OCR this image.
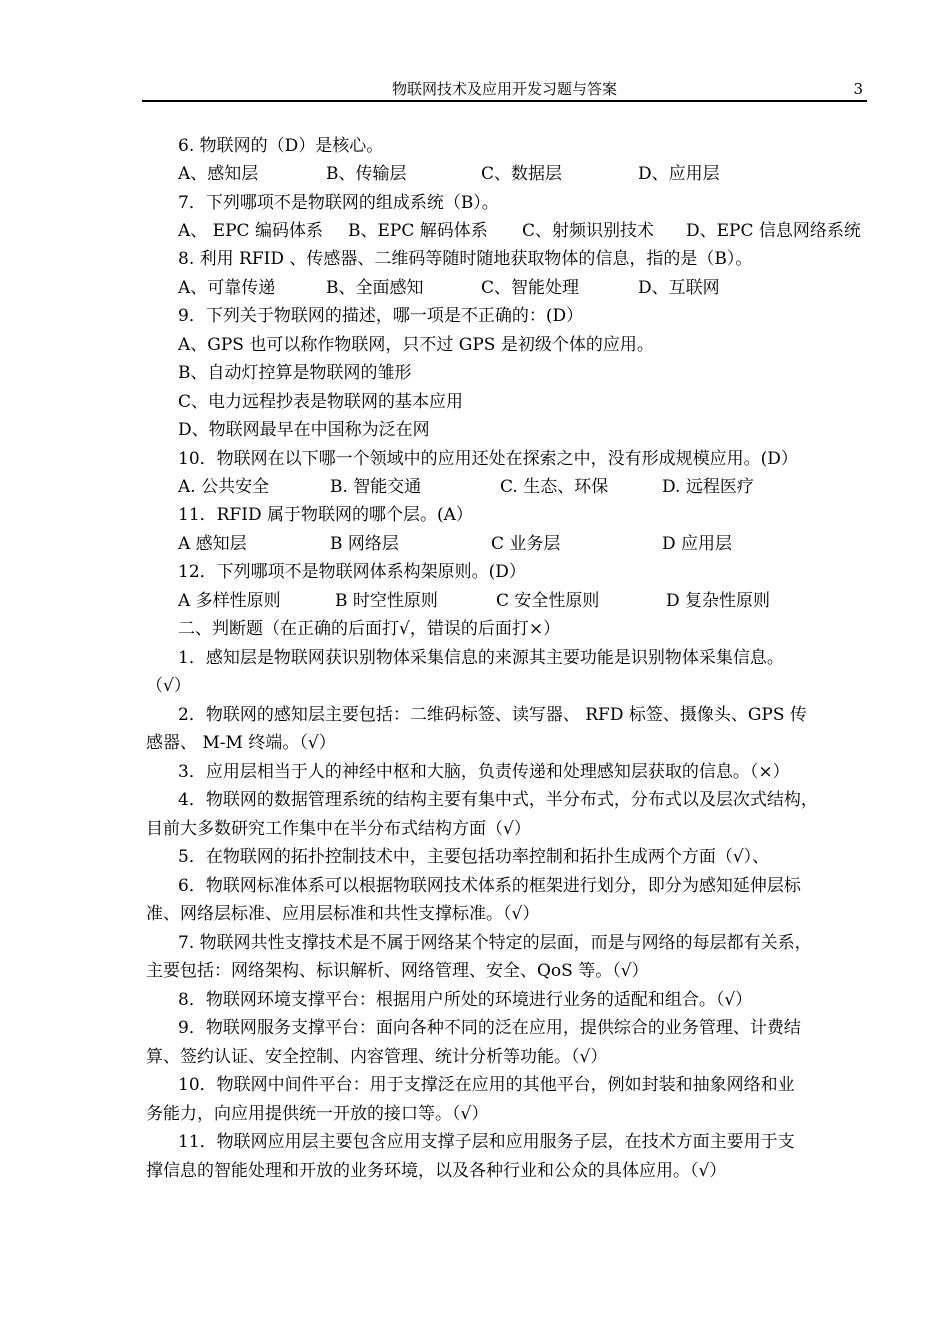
物联网技术及应用开发习题与答案	3
6. 物联网的（D）是核心。
A、感知层	B、传输层	C、数据层	D、应用层
7．下列哪项不是物联网的组成系统（B）。
A、 EPC 编码体系 B、EPC 解码体系 C、射频识别技术 D、EPC 信息网络系统
8. 利用 RFID 、传感器、二维码等随时随地获取物体的信息，指的是（B）。
A、可靠传递	B、全面感知	C、智能处理	D、互联网
9．下列关于物联网的描述，哪一项是不正确的：(D）
A、GPS 也可以称作物联网，只不过 GPS 是初级个体的应用。
B、自动灯控算是物联网的雏形
C、电力远程抄表是物联网的基本应用
D、物联网最早在中国称为泛在网
10．物联网在以下哪一个领域中的应用还处在探索之中，没有形成规模应用。(D）
A. 公共安全	B. 智能交通	C. 生态、环保	D. 远程医疗
11．RFID 属于物联网的哪个层。(A）
A 感知层	B 网络层	C 业务层	D 应用层
12．下列哪项不是物联网体系构架原则。(D）
A 多样性原则	B 时空性原则	C 安全性原则	D 复杂性原则
二、判断题（在正确的后面打√，错误的后面打×）
1．感知层是物联网获识别物体采集信息的来源其主要功能是识别物体采集信息。
（√）
2．物联网的感知层主要包括：二维码标签、读写器、 RFD 标签、摄像头、GPS 传
感器、 M-M 终端。（√）
3．应用层相当于人的神经中枢和大脑，负责传递和处理感知层获取的信息。（×）
4．物联网的数据管理系统的结构主要有集中式，半分布式，分布式以及层次式结构，
目前大多数研究工作集中在半分布式结构方面（√）
5．在物联网的拓扑控制技术中，主要包括功率控制和拓扑生成两个方面（√）、
6．物联网标准体系可以根据物联网技术体系的框架进行划分，即分为感知延伸层标
准、网络层标准、应用层标准和共性支撑标准。（√）
7. 物联网共性支撑技术是不属于网络某个特定的层面，而是与网络的每层都有关系，
主要包括：网络架构、标识解析、网络管理、安全、QoS 等。（√）
8．物联网环境支撑平台：根据用户所处的环境进行业务的适配和组合。（√）
9．物联网服务支撑平台：面向各种不同的泛在应用，提供综合的业务管理、计费结
算、签约认证、安全控制、内容管理、统计分析等功能。（√）
10．物联网中间件平台：用于支撑泛在应用的其他平台，例如封装和抽象网络和业
务能力，向应用提供统一开放的接口等。（√）
11．物联网应用层主要包含应用支撑子层和应用服务子层，在技术方面主要用于支
撑信息的智能处理和开放的业务环境，以及各种行业和公众的具体应用。（√）
